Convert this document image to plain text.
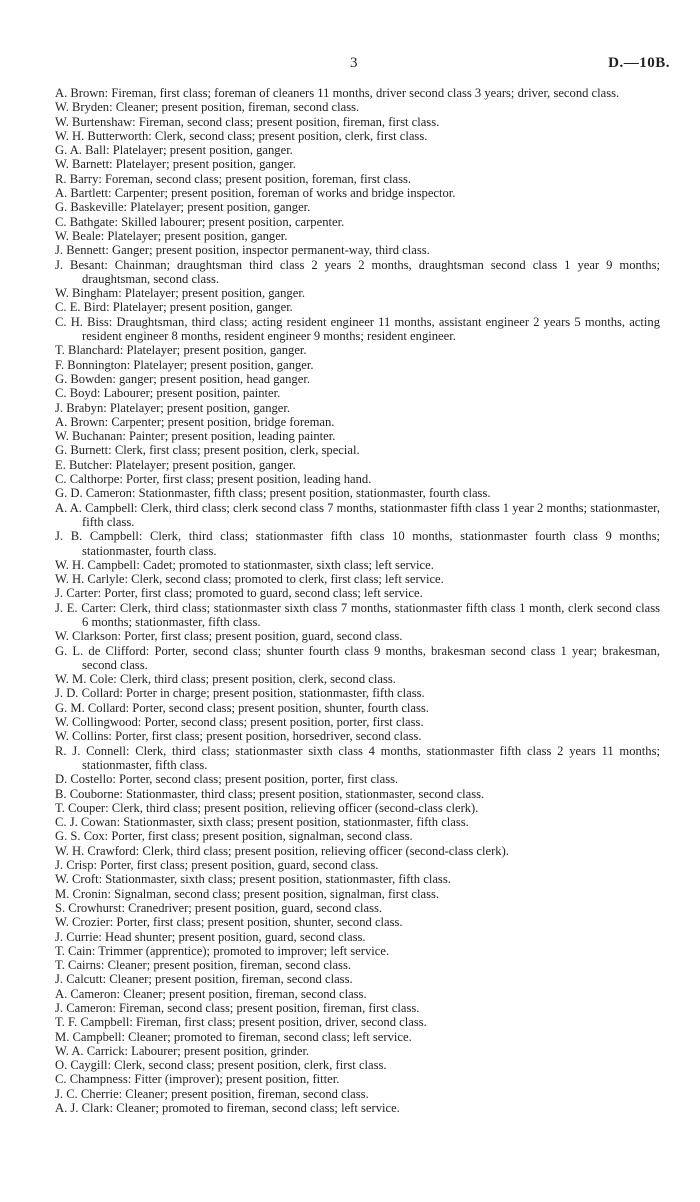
3	D.—10B.
A. Brown: Fireman, first class; foreman of cleaners 11 months, driver second class 3 years; driver, second class.
W. Bryden: Cleaner; present position, fireman, second class.
W. Burtenshaw: Fireman, second class; present position, fireman, first class.
W. H. Butterworth: Clerk, second class; present position, clerk, first class.
G. A. Ball: Platelayer; present position, ganger.
W. Barnett: Platelayer; present position, ganger.
R. Barry: Foreman, second class; present position, foreman, first class.
A. Bartlett: Carpenter; present position, foreman of works and bridge inspector.
G. Baskeville: Platelayer; present position, ganger.
C. Bathgate: Skilled labourer; present position, carpenter.
W. Beale: Platelayer; present position, ganger.
J. Bennett: Ganger; present position, inspector permanent-way, third class.
J. Besant: Chainman; draughtsman third class 2 years 2 months, draughtsman second class 1 year 9 months; draughtsman, second class.
W. Bingham: Platelayer; present position, ganger.
C. E. Bird: Platelayer; present position, ganger.
C. H. Biss: Draughtsman, third class; acting resident engineer 11 months, assistant engineer 2 years 5 months, acting resident engineer 8 months, resident engineer 9 months; resident engineer.
T. Blanchard: Platelayer; present position, ganger.
F. Bonnington: Platelayer; present position, ganger.
G. Bowden: ganger; present position, head ganger.
C. Boyd: Labourer; present position, painter.
J. Brabyn: Platelayer; present position, ganger.
A. Brown: Carpenter; present position, bridge foreman.
W. Buchanan: Painter; present position, leading painter.
G. Burnett: Clerk, first class; present position, clerk, special.
E. Butcher: Platelayer; present position, ganger.
C. Calthorpe: Porter, first class; present position, leading hand.
G. D. Cameron: Stationmaster, fifth class; present position, stationmaster, fourth class.
A. A. Campbell: Clerk, third class; clerk second class 7 months, stationmaster fifth class 1 year 2 months; stationmaster, fifth class.
J. B. Campbell: Clerk, third class; stationmaster fifth class 10 months, stationmaster fourth class 9 months; stationmaster, fourth class.
W. H. Campbell: Cadet; promoted to stationmaster, sixth class; left service.
W. H. Carlyle: Clerk, second class; promoted to clerk, first class; left service.
J. Carter: Porter, first class; promoted to guard, second class; left service.
J. E. Carter: Clerk, third class; stationmaster sixth class 7 months, stationmaster fifth class 1 month, clerk second class 6 months; stationmaster, fifth class.
W. Clarkson: Porter, first class; present position, guard, second class.
G. L. de Clifford: Porter, second class; shunter fourth class 9 months, brakesman second class 1 year; brakesman, second class.
W. M. Cole: Clerk, third class; present position, clerk, second class.
J. D. Collard: Porter in charge; present position, stationmaster, fifth class.
G. M. Collard: Porter, second class; present position, shunter, fourth class.
W. Collingwood: Porter, second class; present position, porter, first class.
W. Collins: Porter, first class; present position, horsedriver, second class.
R. J. Connell: Clerk, third class; stationmaster sixth class 4 months, stationmaster fifth class 2 years 11 months; stationmaster, fifth class.
D. Costello: Porter, second class; present position, porter, first class.
B. Couborne: Stationmaster, third class; present position, stationmaster, second class.
T. Couper: Clerk, third class; present position, relieving officer (second-class clerk).
C. J. Cowan: Stationmaster, sixth class; present position, stationmaster, fifth class.
G. S. Cox: Porter, first class; present position, signalman, second class.
W. H. Crawford: Clerk, third class; present position, relieving officer (second-class clerk).
J. Crisp: Porter, first class; present position, guard, second class.
W. Croft: Stationmaster, sixth class; present position, stationmaster, fifth class.
M. Cronin: Signalman, second class; present position, signalman, first class.
S. Crowhurst: Cranedriver; present position, guard, second class.
W. Crozier: Porter, first class; present position, shunter, second class.
J. Currie: Head shunter; present position, guard, second class.
T. Cain: Trimmer (apprentice); promoted to improver; left service.
T. Cairns: Cleaner; present position, fireman, second class.
J. Calcutt: Cleaner; present position, fireman, second class.
A. Cameron: Cleaner; present position, fireman, second class.
J. Cameron: Fireman, second class; present position, fireman, first class.
T. F. Campbell: Fireman, first class; present position, driver, second class.
M. Campbell: Cleaner; promoted to fireman, second class; left service.
W. A. Carrick: Labourer; present position, grinder.
O. Caygill: Clerk, second class; present position, clerk, first class.
C. Champness: Fitter (improver); present position, fitter.
J. C. Cherrie: Cleaner; present position, fireman, second class.
A. J. Clark: Cleaner; promoted to fireman, second class; left service.
